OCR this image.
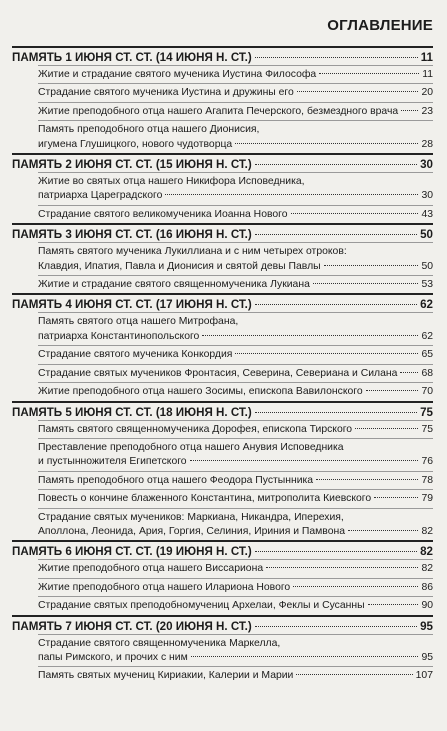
ОГЛАВЛЕНИЕ
ПАМЯТЬ 1 ИЮНЯ СТ. СТ. (14 ИЮНЯ Н. СТ.)	11
Житие и страдание святого мученика Иустина Философа	11
Страдание святого мученика Иустина и дружины его	20
Житие преподобного отца нашего Агапита Печерского, безмездного врача 23
Память преподобного отца нашего Дионисия,
игумена Глушицкого, нового чудотворца	28
ПАМЯТЬ 2 ИЮНЯ СТ. СТ. (15 ИЮНЯ Н. СТ.)	30
Житие во святых отца нашего Никифора Исповедника,
патриарха Цареградского	30
Страдание святого великомученика Иоанна Нового	43
ПАМЯТЬ 3 ИЮНЯ СТ. СТ. (16 ИЮНЯ Н. СТ.)	50
Память святого мученика Лукиллиана и с ним четырех отроков:
Клавдия, Ипатия, Павла и Дионисия и святой девы Павлы	50
Житие и страдание святого священномученика Лукиана	53
ПАМЯТЬ 4 ИЮНЯ СТ. СТ. (17 ИЮНЯ Н. СТ.)	62
Память святого отца нашего Митрофана,
патриарха Константинопольского	62
Страдание святого мученика Конкордия	65
Страдание святых мучеников Фронтасия, Северина, Севериана и Силана 68
Житие преподобного отца нашего Зосимы, епископа Вавилонского	70
ПАМЯТЬ 5 ИЮНЯ СТ. СТ. (18 ИЮНЯ Н. СТ.)	75
Память святого священномученика Дорофея, епископа Тирского	75
Преставление преподобного отца нашего Анувия Исповедника
и пустынножителя Египетского	76
Память преподобного отца нашего Феодора Пустынника	78
Повесть о кончине блаженного Константина, митрополита Киевского	79
Страдание святых мучеников: Маркиана, Никандра, Иперехия,
Аполлона, Леонида, Ария, Горгия, Селиния, Ириния и Памвона	82
ПАМЯТЬ 6 ИЮНЯ СТ. СТ. (19 ИЮНЯ Н. СТ.)	82
Житие преподобного отца нашего Виссариона	82
Житие преподобного отца нашего Илариона Нового	86
Страдание святых преподобномучениц Архелаи, Феклы и Сусанны	90
ПАМЯТЬ 7 ИЮНЯ СТ. СТ. (20 ИЮНЯ Н. СТ.)	95
Страдание святого священномученика Маркелла,
папы Римского, и прочих с ним	95
Память святых мучениц Кириакии, Калерии и Марии	107
